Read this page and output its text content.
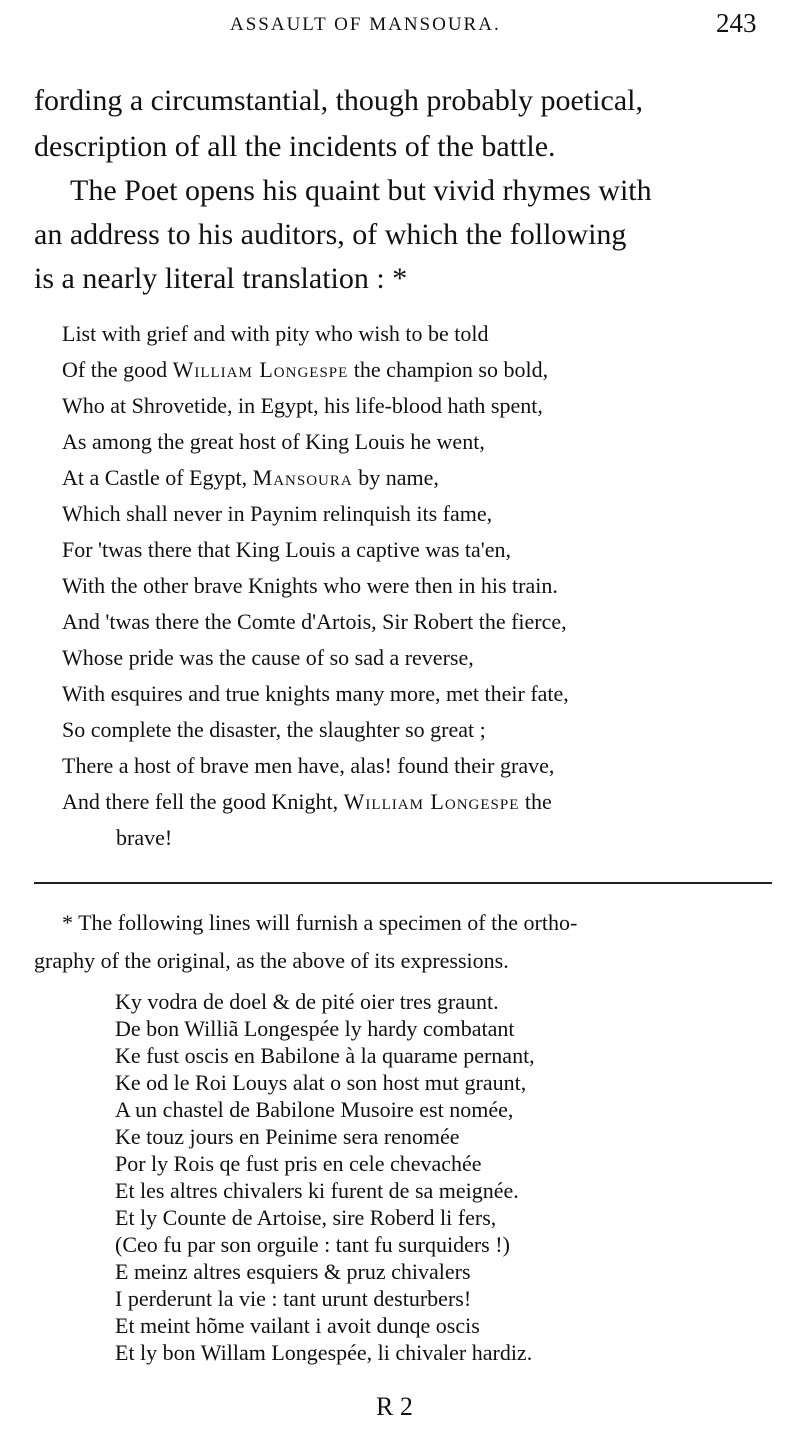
ASSAULT OF MANSOURA.	243
fording a circumstantial, though probably poetical,
description of all the incidents of the battle.
The Poet opens his quaint but vivid rhymes with
an address to his auditors, of which the following
is a nearly literal translation : *
List with grief and with pity who wish to be told
Of the good William Longespe the champion so bold,
Who at Shrovetide, in Egypt, his life-blood hath spent,
As among the great host of King Louis he went,
At a Castle of Egypt, Mansoura by name,
Which shall never in Paynim relinquish its fame,
For 'twas there that King Louis a captive was ta'en,
With the other brave Knights who were then in his train.
And 'twas there the Comte d'Artois, Sir Robert the fierce,
Whose pride was the cause of so sad a reverse,
With esquires and true knights many more, met their fate,
So complete the disaster, the slaughter so great ;
There a host of brave men have, alas! found their grave,
And there fell the good Knight, William Longespe the
brave!
* The following lines will furnish a specimen of the ortho-
graphy of the original, as the above of its expressions.
Ky vodra de doel & de pité oier tres graunt.
De bon Williã Longespée ly hardy combatant
Ke fust oscis en Babilone à la quarame pernant,
Ke od le Roi Louys alat o son host mut graunt,
A un chastel de Babilone Musoire est nomée,
Ke touz jours en Peinime sera renomée
Por ly Rois qe fust pris en cele chevachée
Et les altres chivalers ki furent de sa meignée.
Et ly Counte de Artoise, sire Roberd li fers,
(Ceo fu par son orguile : tant fu surquiders !)
E meinz altres esquiers & pruz chivalers
I perderunt la vie : tant urunt desturbers!
Et meint hõme vailant i avoit dunqe oscis
Et ly bon Willam Longespée, li chivaler hardiz.
R 2
